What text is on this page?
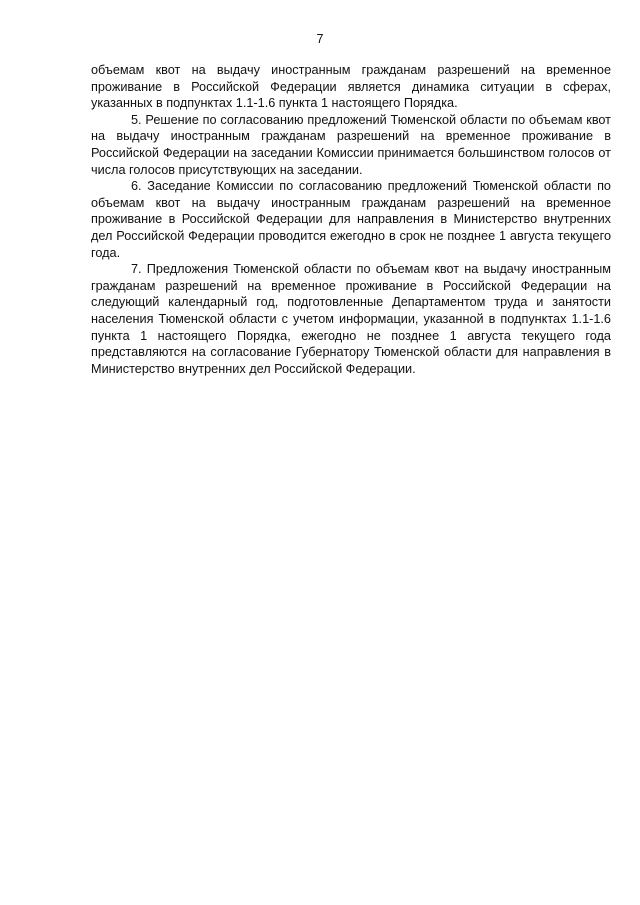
7

объемам квот на выдачу иностранным гражданам разрешений на временное проживание в Российской Федерации является динамика ситуации в сферах, указанных в подпунктах 1.1-1.6 пункта 1 настоящего Порядка.

5. Решение по согласованию предложений Тюменской области по объемам квот на выдачу иностранным гражданам разрешений на временное проживание в Российской Федерации на заседании Комиссии принимается большинством голосов от числа голосов присутствующих на заседании.

6. Заседание Комиссии по согласованию предложений Тюменской области по объемам квот на выдачу иностранным гражданам разрешений на временное проживание в Российской Федерации для направления в Министерство внутренних дел Российской Федерации проводится ежегодно в срок не позднее 1 августа текущего года.

7. Предложения Тюменской области по объемам квот на выдачу иностранным гражданам разрешений на временное проживание в Российской Федерации на следующий календарный год, подготовленные Департаментом труда и занятости населения Тюменской области с учетом информации, указанной в подпунктах 1.1-1.6 пункта 1 настоящего Порядка, ежегодно не позднее 1 августа текущего года представляются на согласование Губернатору Тюменской области для направления в Министерство внутренних дел Российской Федерации.
